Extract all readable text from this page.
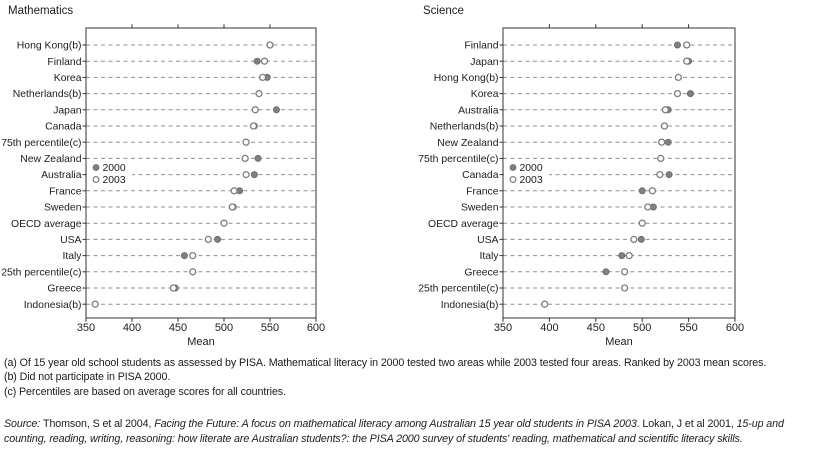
Mathematics
Hong Kong(b)
Finland
Korea
Netherlands(b)
Japan
Canada
75th percentile(c)
New Zealand
Australia
France
Sweden
OECD average
USA
Italy
25th percentile(c)
Greece
Indonesia(b)
2000
2003
350	400	450	500	550	600
Mean
Science
Finland
Japan
Hong Kong(b)
Korea
Australia
Netherlands(b)
New Zealand
75th percentile(c)
Canada
France
Sweden
OECD average
USA
Italy
Greece
25th percentile(c)
Indonesia(b)
2000
2003
350	400	450	500	550	600
Mean
(a) Of 15 year old school students as assessed by PISA. Mathematical literacy in 2000 tested two areas while 2003 tested four areas. Ranked by 2003 mean scores.
(b) Did not participate in PISA 2000.
(c) Percentiles are based on average scores for all countries.
Source: Thomson, S et al 2004, Facing the Future: A focus on mathematical literacy among Australian 15 year old students in PISA 2003. Lokan, J et al 2001, 15-up and counting, reading, writing, reasoning: how literate are Australian students?: the PISA 2000 survey of students' reading, mathematical and scientific literacy skills.
